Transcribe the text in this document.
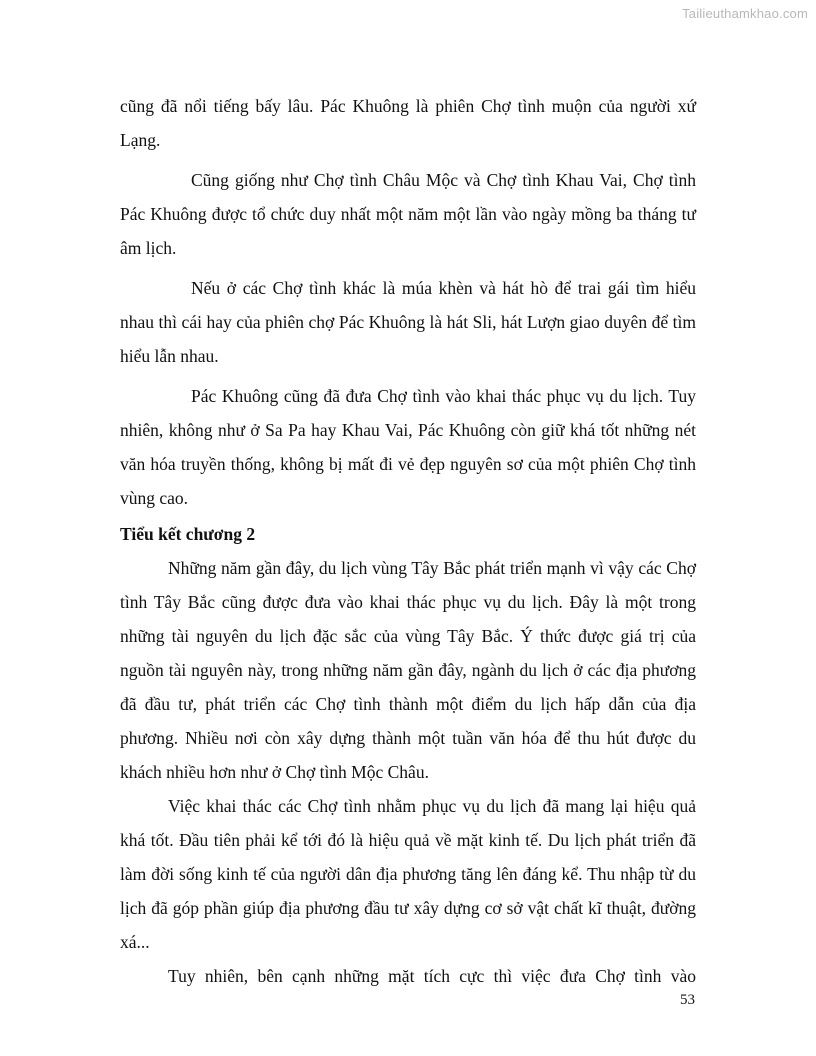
Tailieuthamkhao.com

cũng đã nổi tiếng bấy lâu. Pác Khuông là phiên Chợ tình muộn của người xứ Lạng.

Cũng giống như Chợ tình Châu Mộc và Chợ tình Khau Vai, Chợ tình Pác Khuông được tổ chức duy nhất một năm một lần vào ngày mồng ba tháng tư âm lịch.

Nếu ở các Chợ tình khác là múa khèn và hát hò để trai gái tìm hiểu nhau thì cái hay của phiên chợ Pác Khuông là hát Sli, hát Lượn giao duyên để tìm hiểu lẫn nhau.

Pác Khuông cũng đã đưa Chợ tình vào khai thác phục vụ du lịch. Tuy nhiên, không như ở Sa Pa hay Khau Vai, Pác Khuông còn giữ khá tốt những nét văn hóa truyền thống, không bị mất đi vẻ đẹp nguyên sơ của một phiên Chợ tình vùng cao.

Tiểu kết chương 2

Những năm gần đây, du lịch vùng Tây Bắc phát triển mạnh vì vậy các Chợ tình Tây Bắc cũng được đưa vào khai thác phục vụ du lịch. Đây là một trong những tài nguyên du lịch đặc sắc của vùng Tây Bắc. Ý thức được giá trị của nguồn tài nguyên này, trong những năm gần đây, ngành du lịch ở các địa phương đã đầu tư, phát triển các Chợ tình thành một điểm du lịch hấp dẫn của địa phương. Nhiều nơi còn xây dựng thành một tuần văn hóa để thu hút được du khách nhiều hơn như ở Chợ tình Mộc Châu.

Việc khai thác các Chợ tình nhằm phục vụ du lịch đã mang lại hiệu quả khá tốt. Đầu tiên phải kể tới đó là hiệu quả về mặt kinh tế. Du lịch phát triển đã làm đời sống kinh tế của người dân địa phương tăng lên đáng kể. Thu nhập từ du lịch đã góp phần giúp địa phương đầu tư xây dựng cơ sở vật chất kĩ thuật, đường xá...

Tuy nhiên, bên cạnh những mặt tích cực thì việc đưa Chợ tình vào

53
